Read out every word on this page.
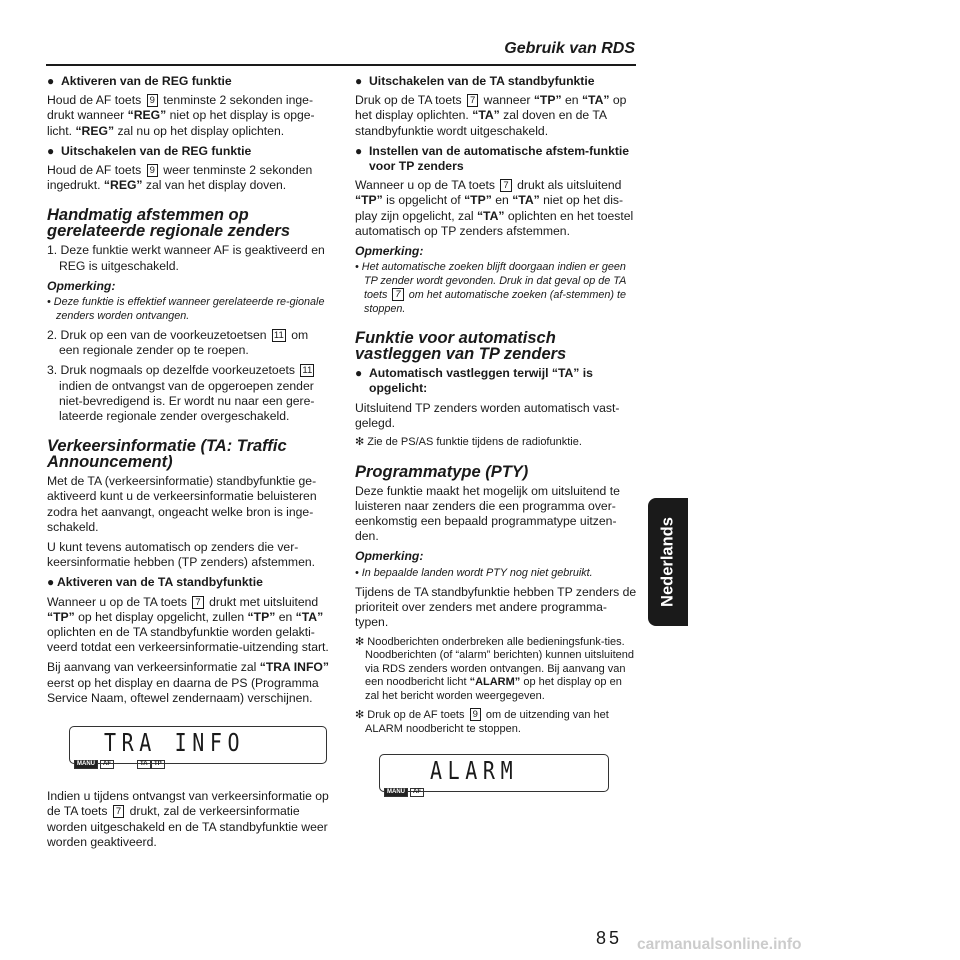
Gebruik van RDS
● Aktiveren van de REG funktie

Houd de AF toets 9 tenminste 2 sekonden inge-drukt wanneer “REG” niet op het display is opge-licht. “REG” zal nu op het display oplichten.

● Uitschakelen van de REG funktie

Houd de AF toets 9 weer tenminste 2 sekonden ingedrukt. “REG” zal van het display doven.

Handmatig afstemmen op gerelateerde regionale zenders

1. Deze funktie werkt wanneer AF is geaktiveerd en REG is uitgeschakeld.

Opmerking:

• Deze funktie is effektief wanneer gerelateerde re-gionale zenders worden ontvangen.

2. Druk op een van de voorkeuzetoetsen 11 om een regionale zender op te roepen.

3. Druk nogmaals op dezelfde voorkeuzetoets 11 indien de ontvangst van de opgeroepen zender niet-bevredigend is. Er wordt nu naar een gere-lateerde regionale zender overgeschakeld.

Verkeersinformatie (TA: Traffic Announcement)

Met de TA (verkeersinformatie) standbyfunktie ge-aktiveerd kunt u de verkeersinformatie beluisteren zodra het aanvangt, ongeacht welke bron is inge-schakeld.

U kunt tevens automatisch op zenders die ver-keersinformatie hebben (TP zenders) afstemmen.

● Aktiveren van de TA standbyfunktie

Wanneer u op de TA toets 7 drukt met uitsluitend “TP” op het display opgelicht, zullen “TP” en “TA” oplichten en de TA standbyfunktie worden gelakti-veerd totdat een verkeersinformatie-uitzending start.

Bij aanvang van verkeersinformatie zal “TRA INFO” eerst op het display en daarna de PS (Programma Service Naam, oftewel zendernaam) verschijnen.

TRA INFO
MANU	AF	TA	TP

Indien u tijdens ontvangst van verkeersinformatie op de TA toets 7 drukt, zal de verkeersinformatie worden uitgeschakeld en de TA standbyfunktie weer worden geaktiveerd.

● Uitschakelen van de TA standbyfunktie

Druk op de TA toets 7 wanneer “TP” en “TA” op het display oplichten. “TA” zal doven en de TA standbyfunktie wordt uitgeschakeld.

● Instellen van de automatische afstem-funktie voor TP zenders

Wanneer u op de TA toets 7 drukt als uitsluitend “TP” is opgelicht of “TP” en “TA” niet op het dis-play zijn opgelicht, zal “TA” oplichten en het toestel automatisch op TP zenders afstemmen.

Opmerking:

• Het automatische zoeken blijft doorgaan indien er geen TP zender wordt gevonden. Druk in dat geval op de TA toets 7 om het automatische zoeken (af-stemmen) te stoppen.

Funktie voor automatisch vastleggen van TP zenders
● Automatisch vastleggen terwijl “TA” is opgelicht:

Uitsluitend TP zenders worden automatisch vast-gelegd.

✻ Zie de PS/AS funktie tijdens de radiofunktie.

Programmatype (PTY)

Deze funktie maakt het mogelijk om uitsluitend te luisteren naar zenders die een programma over-eenkomstig een bepaald programmatype uitzen-den.

Opmerking:

• In bepaalde landen wordt PTY nog niet gebruikt.

Tijdens de TA standbyfunktie hebben TP zenders de prioriteit over zenders met andere programma-typen.

✻ Noodberichten onderbreken alle bedieningsfunk-ties. Noodberichten (of “alarm” berichten) kunnen uitsluitend via RDS zenders worden ontvangen. Bij aanvang van een noodbericht licht “ALARM” op het display op en zal het bericht worden weergegeven.

✻ Druk op de AF toets 9 om de uitzending van het ALARM noodbericht te stoppen.

ALARM
MANU	AF
Nederlands
85 carmanualsonline.info
